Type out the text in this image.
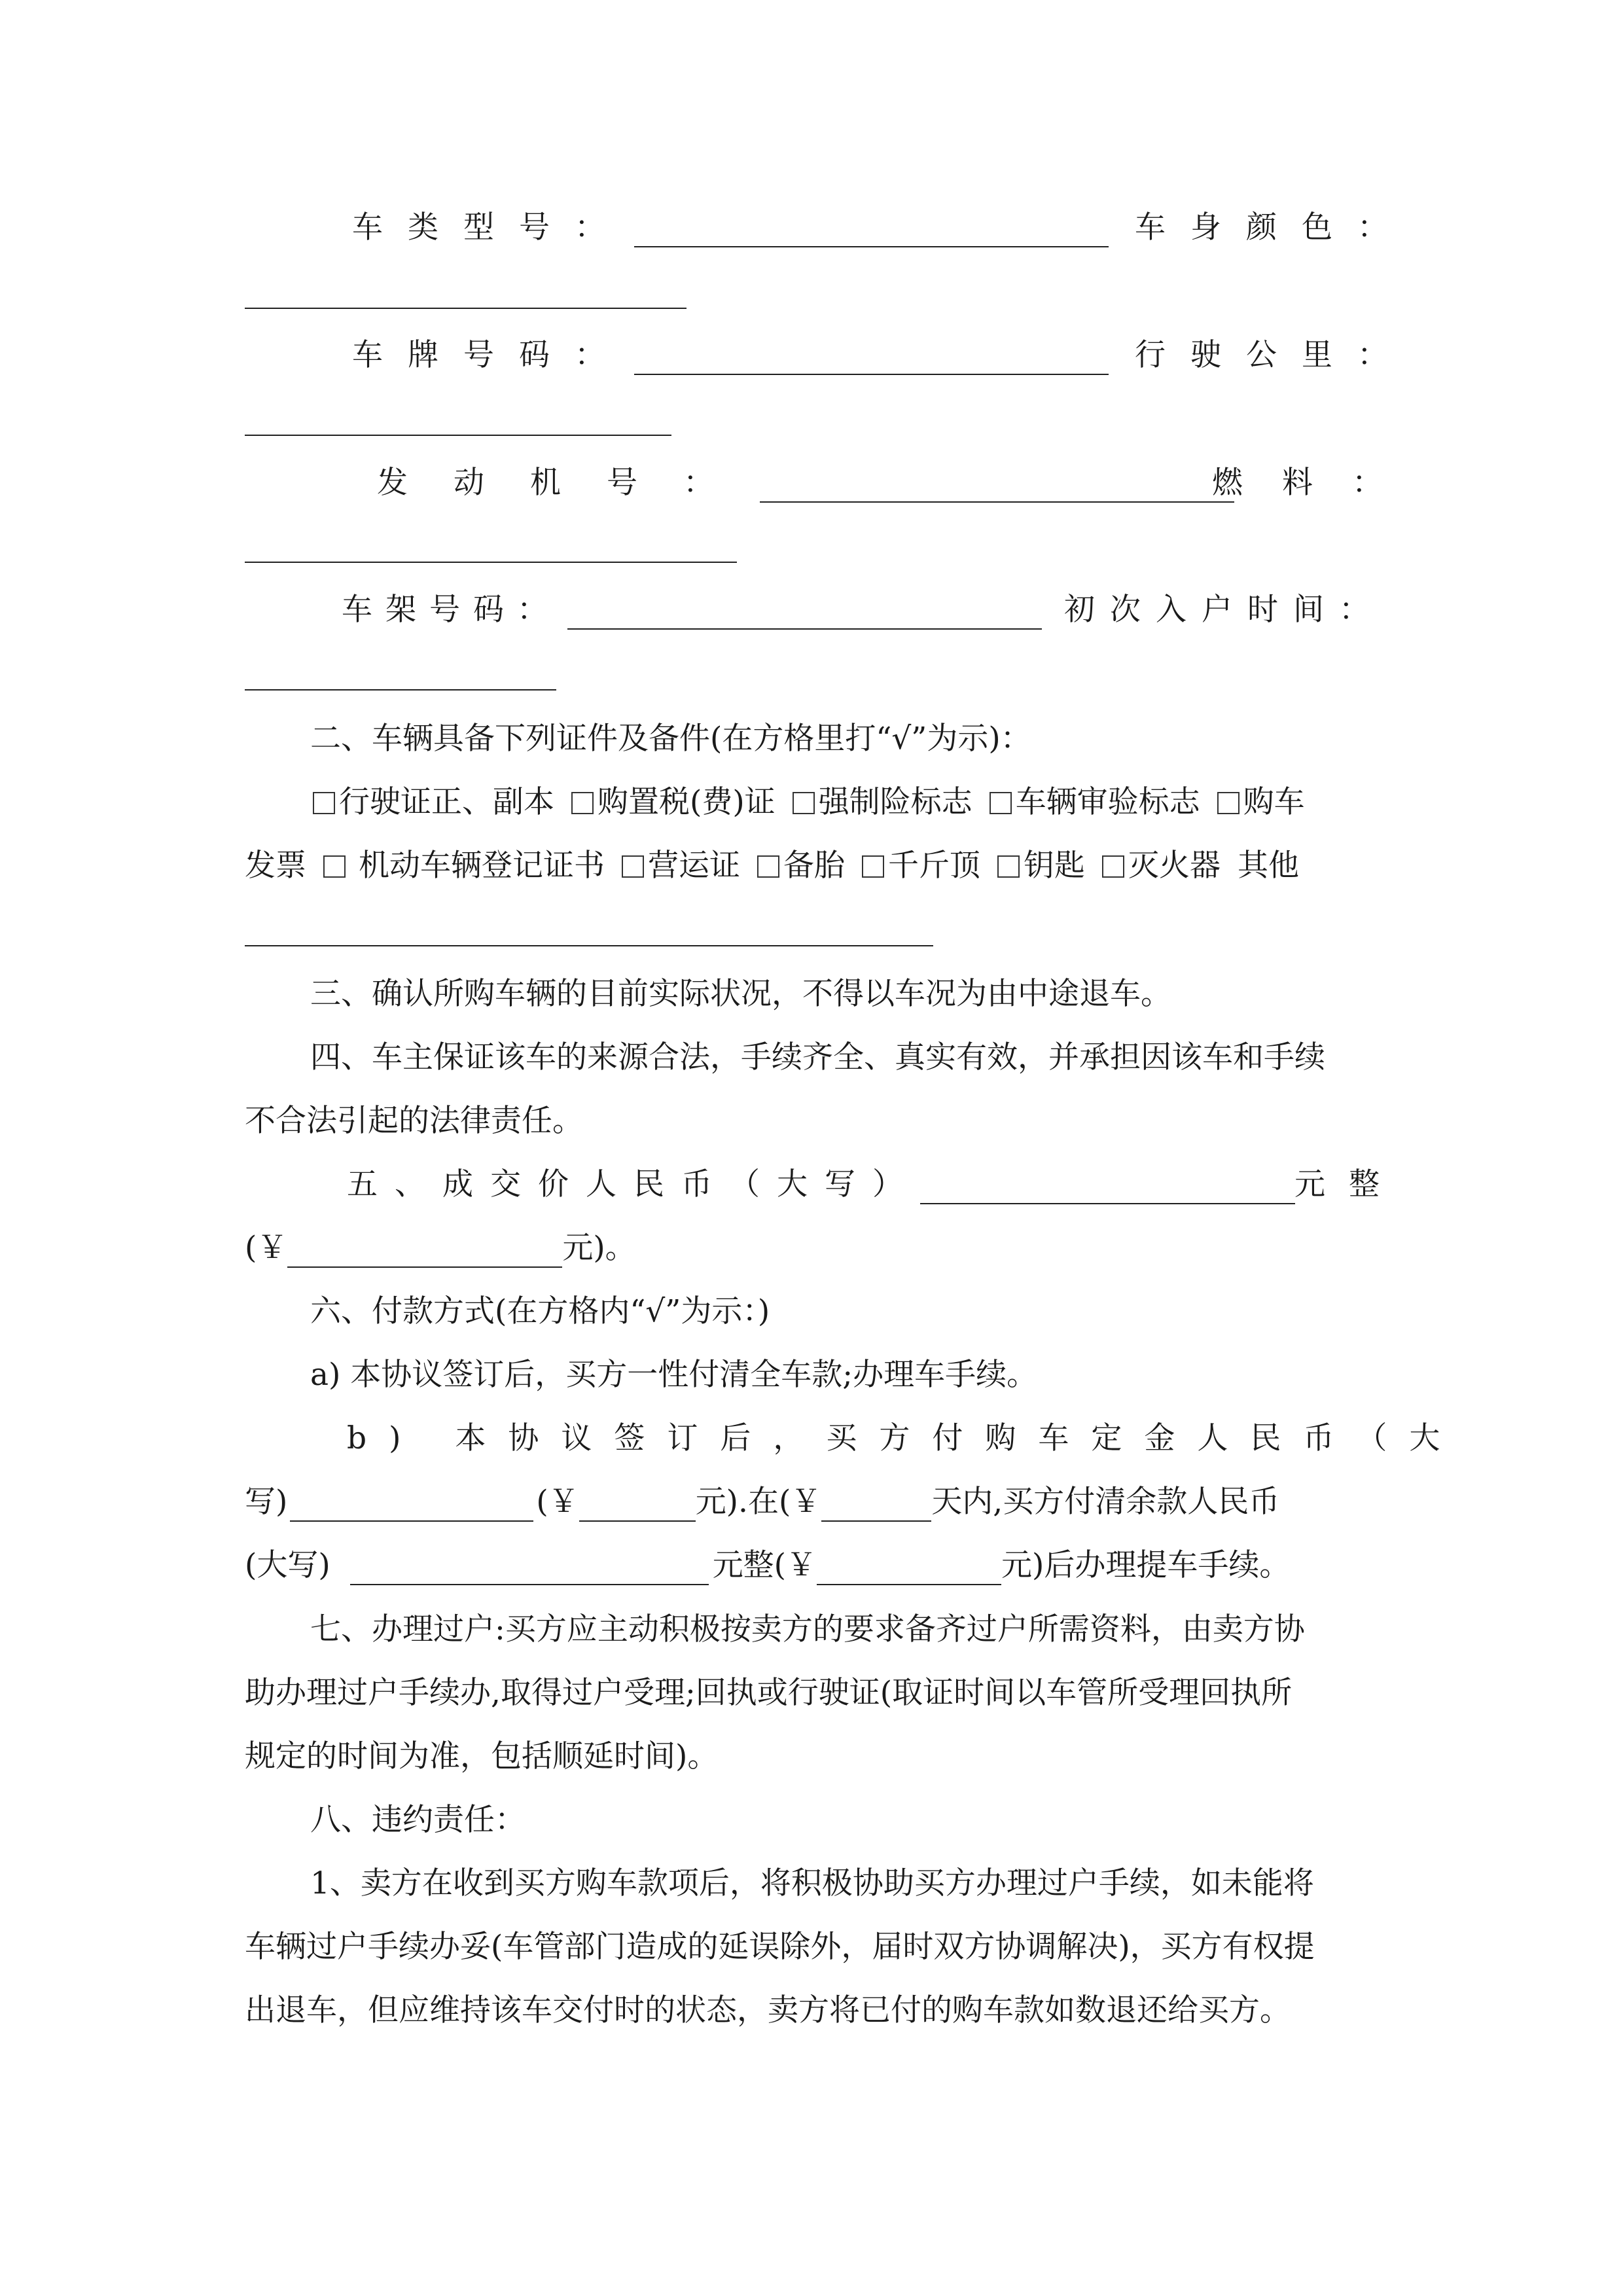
车类型号：	车身颜色：
车牌号码：	行驶公里：
发动机号：	燃料：
车架号码：	初次入户时间：
二、车辆具备下列证件及备件(在方格里打“√”为示)：
行驶证正、副本 购置税(费)证 强制险标志 车辆审验标志 购车
发票 机动车辆登记证书 营运证 备胎 千斤顶 钥匙 灭火器 其他
三、确认所购车辆的目前实际状况，不得以车况为由中途退车。
四、车主保证该车的来源合法，手续齐全、真实有效，并承担因该车和手续
不合法引起的法律责任。
五、成交价人民币（大写）	元整
(￥	元)。
六、付款方式(在方格内“√”为示：)
a) 本协议签订后，买方一性付清全车款;办理车手续。
b) 本协议签订后，买方付购车定金人民币（大
写)	(￥	元).在(￥	天内,买方付清余款人民币
(大写)	元整(￥	元)后办理提车手续。
七、办理过户:买方应主动积极按卖方的要求备齐过户所需资料，由卖方协
助办理过户手续办,取得过户受理;回执或行驶证(取证时间以车管所受理回执所
规定的时间为准，包括顺延时间)。
八、违约责任：
1、卖方在收到买方购车款项后，将积极协助买方办理过户手续，如未能将
车辆过户手续办妥(车管部门造成的延误除外，届时双方协调解决)，买方有权提
出退车，但应维持该车交付时的状态，卖方将已付的购车款如数退还给买方。
